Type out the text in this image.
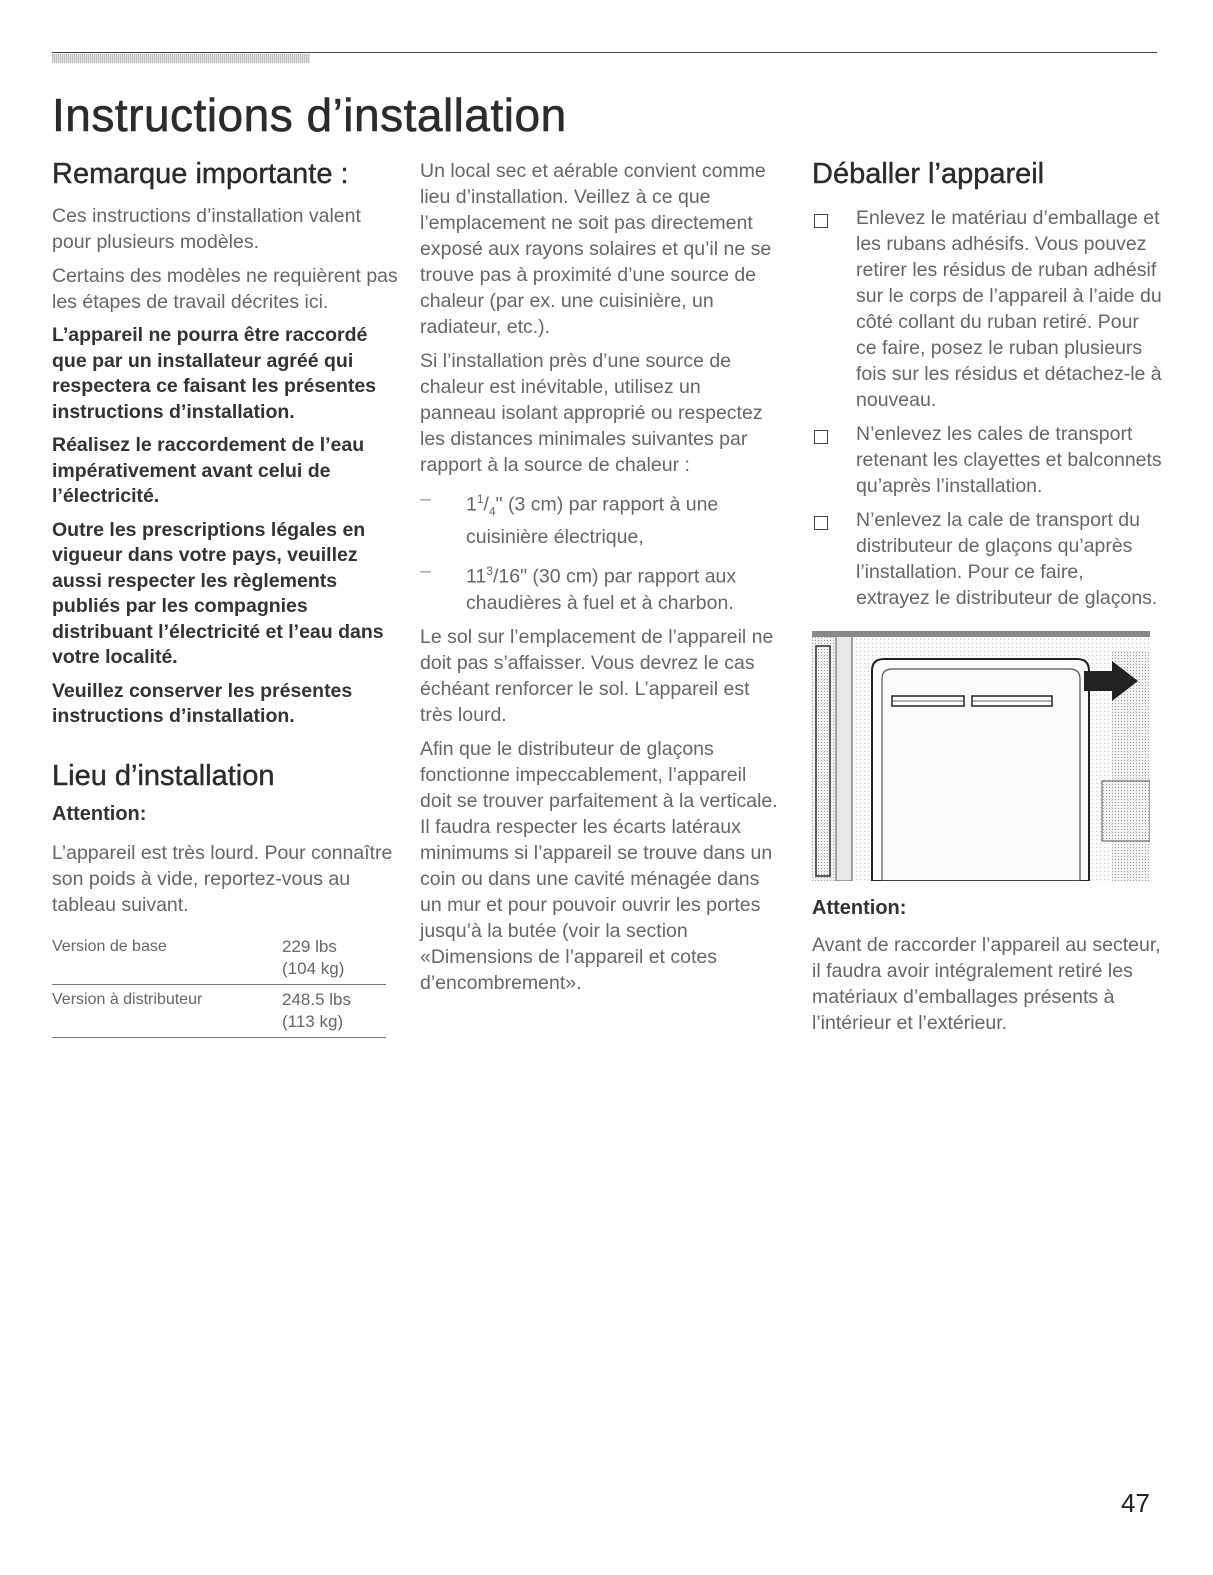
Instructions d’installation
Remarque importante :

Ces instructions d’installation valent pour plusieurs modèles.

Certains des modèles ne requièrent pas les étapes de travail décrites ici.

L’appareil ne pourra être raccordé que par un installateur agréé qui respectera ce faisant les présentes instructions d’installation.

Réalisez le raccordement de l’eau impérativement avant celui de l’électricité.

Outre les prescriptions légales en vigueur dans votre pays, veuillez aussi respecter les règlements publiés par les compagnies distribuant l’électricité et l’eau dans votre localité.

Veuillez conserver les présentes instructions d’installation.

Lieu d’installation
Attention:

L’appareil est très lourd. Pour connaître son poids à vide, reportez-vous au tableau suivant.

Version de base	229 lbs
(104 kg)

Version à distributeur	248.5 lbs
(113 kg)

Un local sec et aérable convient comme lieu d’installation. Veillez à ce que l’emplacement ne soit pas directement exposé aux rayons solaires et qu’il ne se trouve pas à proximité d’une source de chaleur (par ex. une cuisinière, un radiateur, etc.).

Si l’installation près d’une source de chaleur est inévitable, utilisez un panneau isolant approprié ou respectez les distances minimales suivantes par rapport à la source de chaleur :

–	$1^1/_4$" (3 cm) par rapport à une cuisinière électrique,
–	$11^3/16$" (30 cm) par rapport aux chaudières à fuel et à charbon.

Le sol sur l’emplacement de l’appareil ne doit pas s’affaisser. Vous devrez le cas échéant renforcer le sol. L’appareil est très lourd.

Afin que le distributeur de glaçons fonctionne impeccablement, l’appareil doit se trouver parfaitement à la verticale. Il faudra respecter les écarts latéraux minimums si l’appareil se trouve dans un coin ou dans une cavité ménagée dans un mur et pour pouvoir ouvrir les portes jusqu’à la butée (voir la section «Dimensions de l’appareil et cotes d’encombrement».

Déballer l’appareil

Enlevez le matériau d’emballage et les rubans adhésifs. Vous pouvez retirer les résidus de ruban adhésif sur le corps de l’appareil à l’aide du côté collant du ruban retiré. Pour ce faire, posez le ruban plusieurs fois sur les résidus et détachez-le à nouveau.

N’enlevez les cales de transport retenant les clayettes et balconnets qu’après l’installation.

N’enlevez la cale de transport du distributeur de glaçons qu’après l’installation. Pour ce faire, extrayez le distributeur de glaçons.

Attention:

Avant de raccorder l’appareil au secteur, il faudra avoir intégralement retiré les matériaux d’emballages présents à l’intérieur et l’extérieur.

47
